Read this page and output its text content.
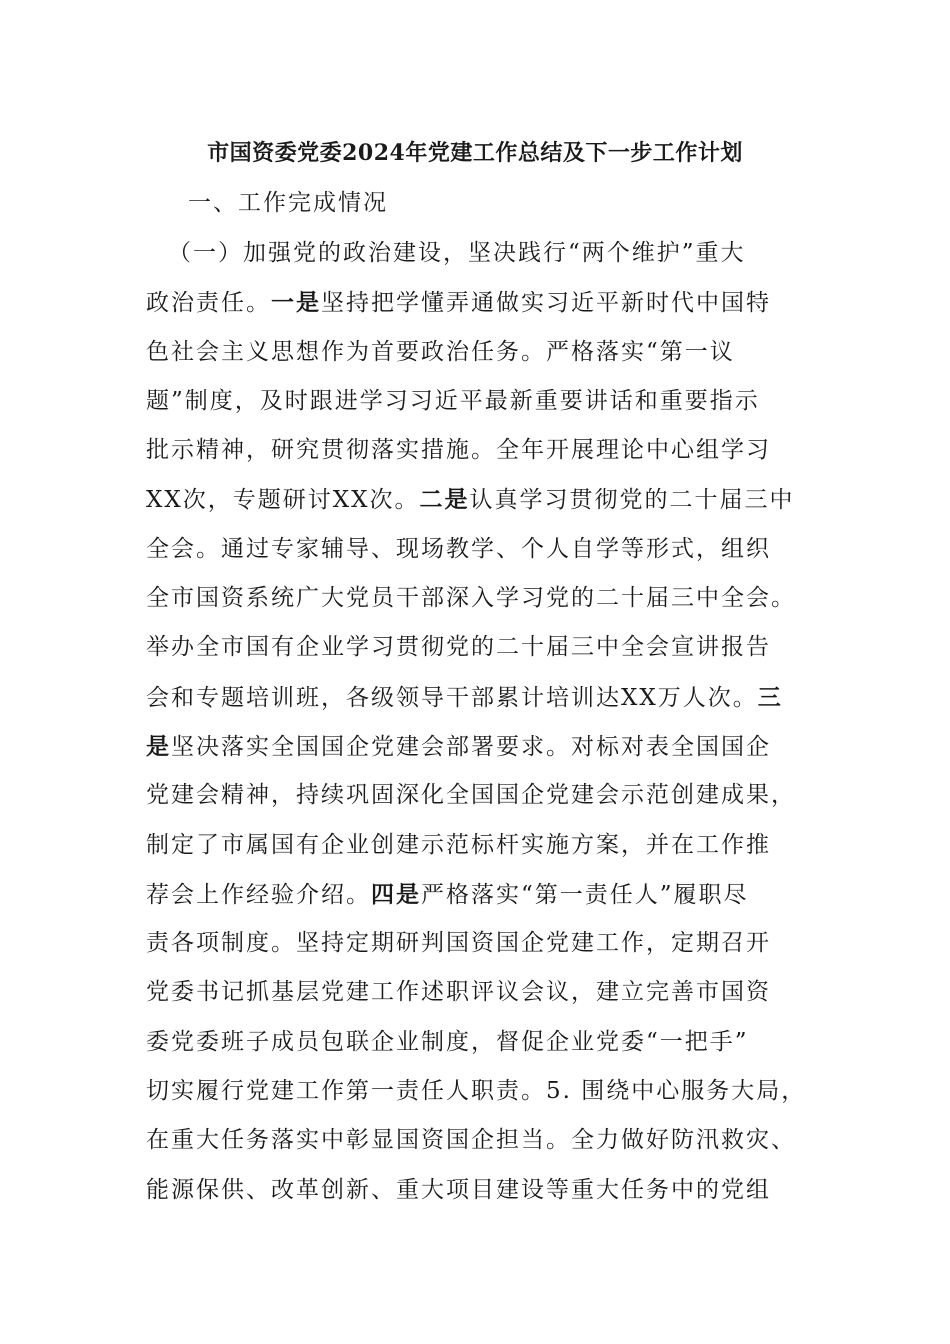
市国资委党委2024年党建工作总结及下一步工作计划
一、工作完成情况
（一）加强党的政治建设，坚决践行“两个维护”重大
政治责任。一是坚持把学懂弄通做实习近平新时代中国特
色社会主义思想作为首要政治任务。严格落实“第一议
题”制度，及时跟进学习习近平最新重要讲话和重要指示
批示精神，研究贯彻落实措施。全年开展理论中心组学习
XX次，专题研讨XX次。二是认真学习贯彻党的二十届三中
全会。通过专家辅导、现场教学、个人自学等形式，组织
全市国资系统广大党员干部深入学习党的二十届三中全会。
举办全市国有企业学习贯彻党的二十届三中全会宣讲报告
会和专题培训班，各级领导干部累计培训达XX万人次。三
是坚决落实全国国企党建会部署要求。对标对表全国国企
党建会精神，持续巩固深化全国国企党建会示范创建成果，
制定了市属国有企业创建示范标杆实施方案，并在工作推
荐会上作经验介绍。四是严格落实“第一责任人”履职尽
责各项制度。坚持定期研判国资国企党建工作，定期召开
党委书记抓基层党建工作述职评议会议，建立完善市国资
委党委班子成员包联企业制度，督促企业党委“一把手”
切实履行党建工作第一责任人职责。5. 围绕中心服务大局，
在重大任务落实中彰显国资国企担当。全力做好防汛救灾、
能源保供、改革创新、重大项目建设等重大任务中的党组
